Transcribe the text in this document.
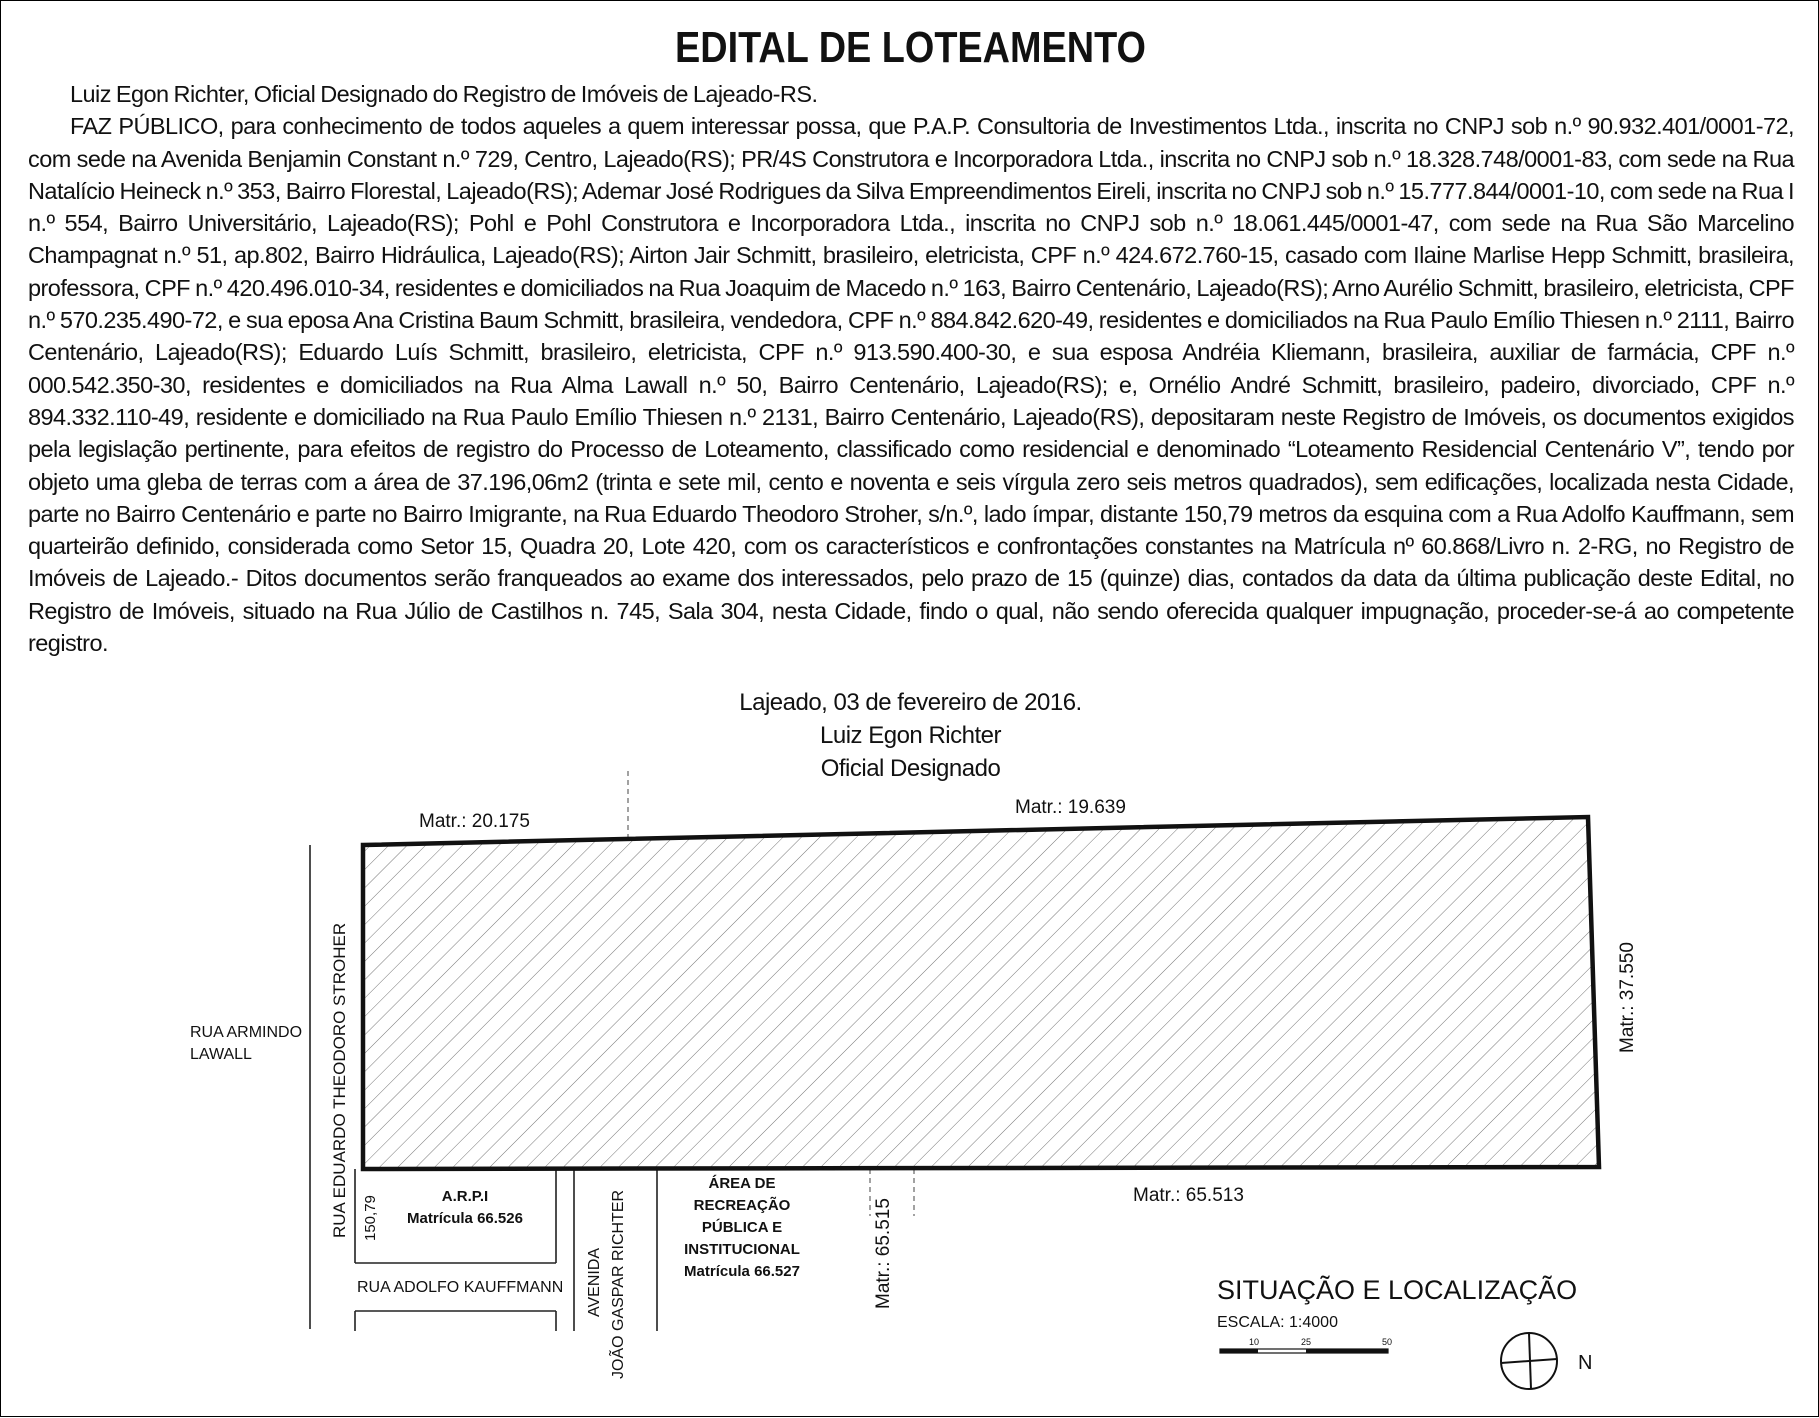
EDITAL DE LOTEAMENTO

Luiz Egon Richter, Oficial Designado do Registro de Imóveis de Lajeado-RS.

FAZ PÚBLICO, para conhecimento de todos aqueles a quem interessar possa, que P.A.P. Consultoria de Investimentos Ltda., inscrita no CNPJ sob n.º 90.932.401/0001-72, com sede na Avenida Benjamin Constant n.º 729, Centro, Lajeado(RS); PR/4S Construtora e Incorporadora Ltda., inscrita no CNPJ sob n.º 18.328.748/0001-83, com sede na Rua Natalício Heineck n.º 353, Bairro Florestal, Lajeado(RS); Ademar José Rodrigues da Silva Empreendimentos Eireli, inscrita no CNPJ sob n.º 15.777.844/0001-10, com sede na Rua I n.º 554, Bairro Universitário, Lajeado(RS); Pohl e Pohl Construtora e Incorporadora Ltda., inscrita no CNPJ sob n.º 18.061.445/0001-47, com sede na Rua São Marcelino Champagnat n.º 51, ap.802, Bairro Hidráulica, Lajeado(RS); Airton Jair Schmitt, brasileiro, eletricista, CPF n.º 424.672.760-15, casado com Ilaine Marlise Hepp Schmitt, brasileira, professora, CPF n.º 420.496.010-34, residentes e domiciliados na Rua Joaquim de Macedo n.º 163, Bairro Centenário, Lajeado(RS); Arno Aurélio Schmitt, brasileiro, eletricista, CPF n.º 570.235.490-72, e sua eposa Ana Cristina Baum Schmitt, brasileira, vendedora, CPF n.º 884.842.620-49, residentes e domiciliados na Rua Paulo Emílio Thiesen n.º 2111, Bairro Centenário, Lajeado(RS); Eduardo Luís Schmitt, brasileiro, eletricista, CPF n.º 913.590.400-30, e sua esposa Andréia Kliemann, brasileira, auxiliar de farmácia, CPF n.º 000.542.350-30, residentes e domiciliados na Rua Alma Lawall n.º 50, Bairro Centenário, Lajeado(RS); e, Ornélio André Schmitt, brasileiro, padeiro, divorciado, CPF n.º 894.332.110-49, residente e domiciliado na Rua Paulo Emílio Thiesen n.º 2131, Bairro Centenário, Lajeado(RS), depositaram neste Registro de Imóveis, os documentos exigidos pela legislação pertinente, para efeitos de registro do Processo de Loteamento, classificado como residencial e denominado “Loteamento Residencial Centenário V”, tendo por objeto uma gleba de terras com a área de 37.196,06m2 (trinta e sete mil, cento e noventa e seis vírgula zero seis metros quadrados), sem edificações, localizada nesta Cidade, parte no Bairro Centenário e parte no Bairro Imigrante, na Rua Eduardo Theodoro Stroher, s/n.º, lado ímpar, distante 150,79 metros da esquina com a Rua Adolfo Kauffmann, sem quarteirão definido, considerada como Setor 15, Quadra 20, Lote 420, com os característicos e confrontações constantes na Matrícula nº 60.868/Livro n. 2-RG, no Registro de Imóveis de Lajeado.- Ditos documentos serão franqueados ao exame dos interessados, pelo prazo de 15 (quinze) dias, contados da data da última publicação deste Edital, no Registro de Imóveis, situado na Rua Júlio de Castilhos n. 745, Sala 304, nesta Cidade, findo o qual, não sendo oferecida qualquer impugnação, proceder-se-á ao competente registro.

Lajeado, 03 de fevereiro de 2016.
Luiz Egon Richter
Oficial Designado
Matr.: 20.175
Matr.: 19.639
Matr.: 37.550
Matr.: 65.513
Matr.: 65.515
RUA EDUARDO THEODORO STROHER
RUA ARMINDO
LAWALL
RUA ADOLFO KAUFFMANN AVENIDA JOÃO GASPAR RICHTER
150,79	A.R.P.I
Matrícula 66.526
ÁREA DE
RECREAÇÃO
PÚBLICA E
INSTITUCIONAL
Matrícula 66.527
SITUAÇÃO E LOCALIZAÇÃO
ESCALA: 1:4000
10	25	50
N
